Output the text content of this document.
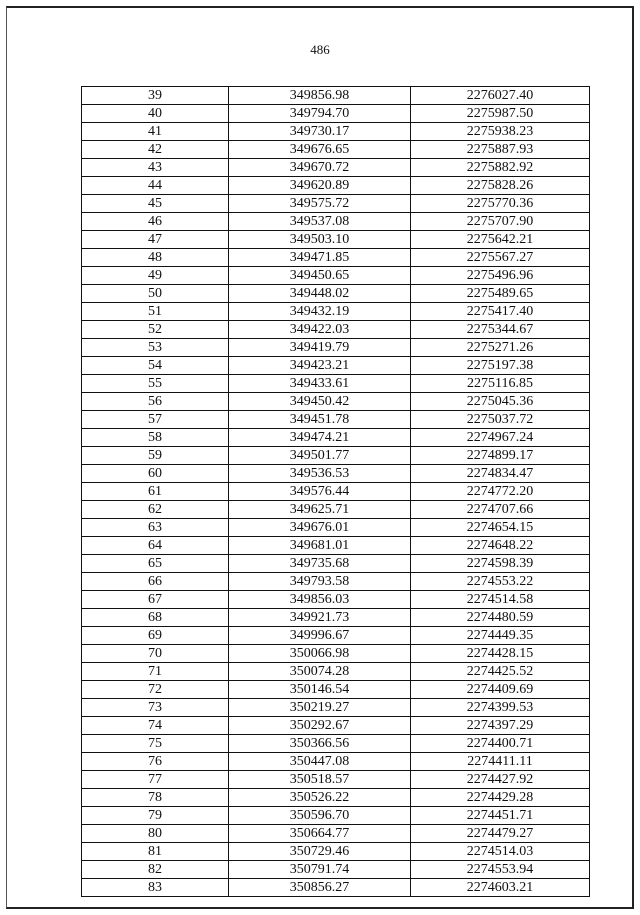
486
39	349856.98	2276027.40
40	349794.70	2275987.50
41	349730.17	2275938.23
42	349676.65	2275887.93
43	349670.72	2275882.92
44	349620.89	2275828.26
45	349575.72	2275770.36
46	349537.08	2275707.90
47	349503.10	2275642.21
48	349471.85	2275567.27
49	349450.65	2275496.96
50	349448.02	2275489.65
51	349432.19	2275417.40
52	349422.03	2275344.67
53	349419.79	2275271.26
54	349423.21	2275197.38
55	349433.61	2275116.85
56	349450.42	2275045.36
57	349451.78	2275037.72
58	349474.21	2274967.24
59	349501.77	2274899.17
60	349536.53	2274834.47
61	349576.44	2274772.20
62	349625.71	2274707.66
63	349676.01	2274654.15
64	349681.01	2274648.22
65	349735.68	2274598.39
66	349793.58	2274553.22
67	349856.03	2274514.58
68	349921.73	2274480.59
69	349996.67	2274449.35
70	350066.98	2274428.15
71	350074.28	2274425.52
72	350146.54	2274409.69
73	350219.27	2274399.53
74	350292.67	2274397.29
75	350366.56	2274400.71
76	350447.08	2274411.11
77	350518.57	2274427.92
78	350526.22	2274429.28
79	350596.70	2274451.71
80	350664.77	2274479.27
81	350729.46	2274514.03
82	350791.74	2274553.94
83	350856.27	2274603.21
